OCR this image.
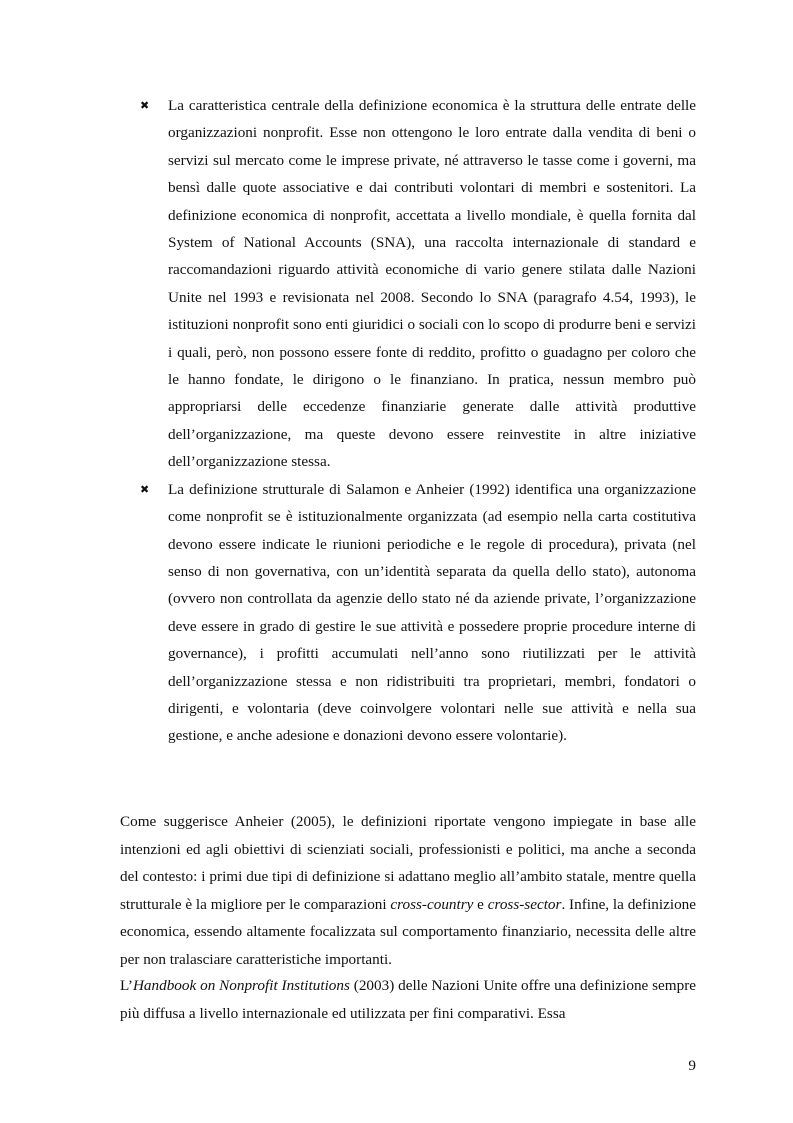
✖	La caratteristica centrale della definizione economica è la struttura delle entrate delle organizzazioni nonprofit. Esse non ottengono le loro entrate dalla vendita di beni o servizi sul mercato come le imprese private, né attraverso le tasse come i governi, ma bensì dalle quote associative e dai contributi volontari di membri e sostenitori. La definizione economica di nonprofit, accettata a livello mondiale, è quella fornita dal System of National Accounts (SNA), una raccolta internazionale di standard e raccomandazioni riguardo attività economiche di vario genere stilata dalle Nazioni Unite nel 1993 e revisionata nel 2008. Secondo lo SNA (paragrafo 4.54, 1993), le istituzioni nonprofit sono enti giuridici o sociali con lo scopo di produrre beni e servizi i quali, però, non possono essere fonte di reddito, profitto o guadagno per coloro che le hanno fondate, le dirigono o le finanziano. In pratica, nessun membro può appropriarsi delle eccedenze finanziarie generate dalle attività produttive dell’organizzazione, ma queste devono essere reinvestite in altre iniziative dell’organizzazione stessa.
✖	La definizione strutturale di Salamon e Anheier (1992) identifica una organizzazione come nonprofit se è istituzionalmente organizzata (ad esempio nella carta costitutiva devono essere indicate le riunioni periodiche e le regole di procedura), privata (nel senso di non governativa, con un’identità separata da quella dello stato), autonoma (ovvero non controllata da agenzie dello stato né da aziende private, l’organizzazione deve essere in grado di gestire le sue attività e possedere proprie procedure interne di governance), i profitti accumulati nell’anno sono riutilizzati per le attività dell’organizzazione stessa e non ridistribuiti tra proprietari, membri, fondatori o dirigenti, e volontaria (deve coinvolgere volontari nelle sue attività e nella sua gestione, e anche adesione e donazioni devono essere volontarie).
Come suggerisce Anheier (2005), le definizioni riportate vengono impiegate in base alle intenzioni ed agli obiettivi di scienziati sociali, professionisti e politici, ma anche a seconda del contesto: i primi due tipi di definizione si adattano meglio all’ambito statale, mentre quella strutturale è la migliore per le comparazioni cross-country e cross-sector. Infine, la definizione economica, essendo altamente focalizzata sul comportamento finanziario, necessita delle altre per non tralasciare caratteristiche importanti.
L’Handbook on Nonprofit Institutions (2003) delle Nazioni Unite offre una definizione sempre più diffusa a livello internazionale ed utilizzata per fini comparativi. Essa
9
